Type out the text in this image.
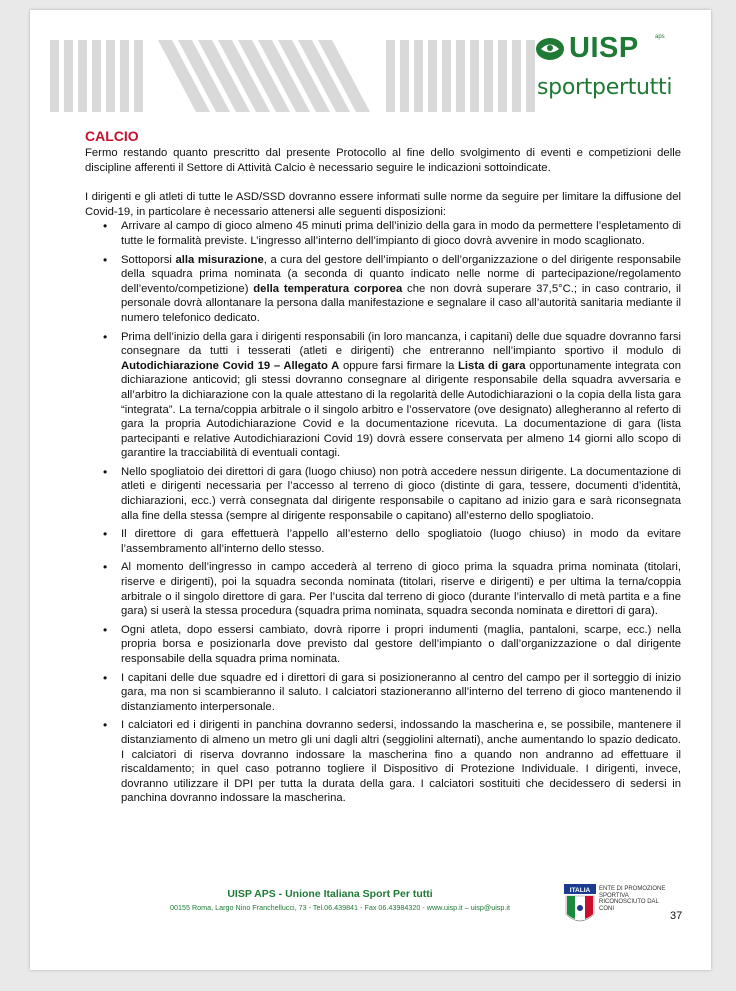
UISP	aps
sportpertutti
CALCIO

Fermo restando quanto prescritto dal presente Protocollo al fine dello svolgimento di eventi e competizioni delle discipline afferenti il Settore di Attività Calcio è necessario seguire le indicazioni sottoindicate.

I dirigenti e gli atleti di tutte le ASD/SSD dovranno essere informati sulle norme da seguire per limitare la diffusione del Covid-19, in particolare è necessario attenersi alle seguenti disposizioni:

• Arrivare al campo di gioco almeno 45 minuti prima dell’inizio della gara in modo da permettere l’espletamento di tutte le formalità previste. L’ingresso all’interno dell’impianto di gioco dovrà avvenire in modo scaglionato.
• Sottoporsi alla misurazione, a cura del gestore dell’impianto o dell’organizzazione o del dirigente responsabile della squadra prima nominata (a seconda di quanto indicato nelle norme di partecipazione/regolamento dell’evento/competizione) della temperatura corporea che non dovrà superare 37,5°C.; in caso contrario, il personale dovrà allontanare la persona dalla manifestazione e segnalare il caso all’autorità sanitaria mediante il numero telefonico dedicato.
• Prima dell’inizio della gara i dirigenti responsabili (in loro mancanza, i capitani) delle due squadre dovranno farsi consegnare da tutti i tesserati (atleti e dirigenti) che entreranno nell’impianto sportivo il modulo di Autodichiarazione Covid 19 – Allegato A oppure farsi firmare la Lista di gara opportunamente integrata con dichiarazione anticovid; gli stessi dovranno consegnare al dirigente responsabile della squadra avversaria e all’arbitro la dichiarazione con la quale attestano di la regolarità delle Autodichiarazioni o la copia della lista gara “integrata”. La terna/coppia arbitrale o il singolo arbitro e l’osservatore (ove designato) allegheranno al referto di gara la propria Autodichiarazione Covid e la documentazione ricevuta. La documentazione di gara (lista partecipanti e relative Autodichiarazioni Covid 19) dovrà essere conservata per almeno 14 giorni allo scopo di garantire la tracciabilità di eventuali contagi.
• Nello spogliatoio dei direttori di gara (luogo chiuso) non potrà accedere nessun dirigente. La documentazione di atleti e dirigenti necessaria per l’accesso al terreno di gioco (distinte di gara, tessere, documenti d’identità, dichiarazioni, ecc.) verrà consegnata dal dirigente responsabile o capitano ad inizio gara e sarà riconsegnata alla fine della stessa (sempre al dirigente responsabile o capitano) all’esterno dello spogliatoio.
• Il direttore di gara effettuerà l’appello all’esterno dello spogliatoio (luogo chiuso) in modo da evitare l’assembramento all’interno dello stesso.
• Al momento dell’ingresso in campo accederà al terreno di gioco prima la squadra prima nominata (titolari, riserve e dirigenti), poi la squadra seconda nominata (titolari, riserve e dirigenti) e per ultima la terna/coppia arbitrale o il singolo direttore di gara. Per l’uscita dal terreno di gioco (durante l’intervallo di metà partita e a fine gara) si userà la stessa procedura (squadra prima nominata, squadra seconda nominata e direttori di gara).
• Ogni atleta, dopo essersi cambiato, dovrà riporre i propri indumenti (maglia, pantaloni, scarpe, ecc.) nella propria borsa e posizionarla dove previsto dal gestore dell’impianto o dall’organizzazione o dal dirigente responsabile della squadra prima nominata.
• I capitani delle due squadre ed i direttori di gara si posizioneranno al centro del campo per il sorteggio di inizio gara, ma non si scambieranno il saluto. I calciatori stazioneranno all’interno del terreno di gioco mantenendo il distanziamento interpersonale.
• I calciatori ed i dirigenti in panchina dovranno sedersi, indossando la mascherina e, se possibile, mantenere il distanziamento di almeno un metro gli uni dagli altri (seggiolini alternati), anche aumentando lo spazio dedicato. I calciatori di riserva dovranno indossare la mascherina fino a quando non andranno ad effettuare il riscaldamento; in quel caso potranno togliere il Dispositivo di Protezione Individuale. I dirigenti, invece, dovranno utilizzare il DPI per tutta la durata della gara. I calciatori sostituiti che decidessero di sedersi in panchina dovranno indossare la mascherina.
UISP APS - Unione Italiana Sport Per tutti
00155 Roma, Largo Nino Franchellucci, 73 - Tel.06.439841 - Fax 06.43984320 - www.uisp.it – uisp@uisp.it
ITALIA ENTE DI PROMOZIONE SPORTIVA RICONOSCIUTO DAL CONI
37
